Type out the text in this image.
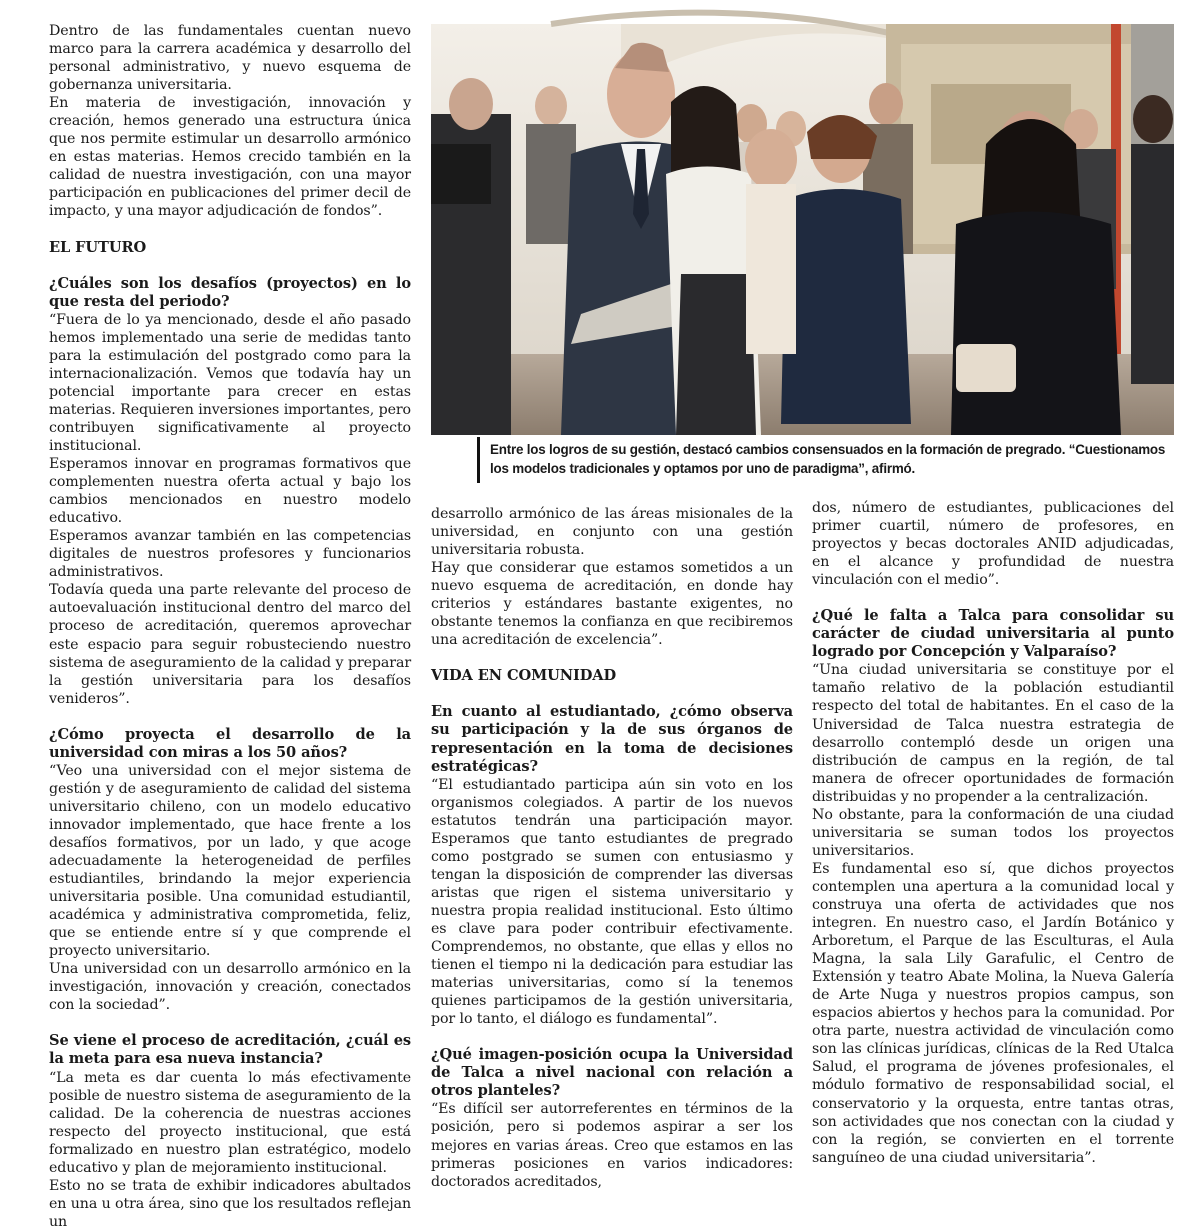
Dentro de las fundamentales cuentan nuevo marco para la carrera académica y desarrollo del personal administrativo, y nuevo esquema de gobernanza universitaria.

En materia de investigación, innovación y creación, hemos generado una estructura única que nos permite estimular un desarrollo armónico en estas materias. Hemos crecido también en la calidad de nuestra investigación, con una mayor participación en publicaciones del primer decil de impacto, y una mayor adjudicación de fondos”.

EL FUTURO

¿Cuáles son los desafíos (proyectos) en lo que resta del periodo?

“Fuera de lo ya mencionado, desde el año pasado hemos implementado una serie de medidas tanto para la estimulación del postgrado como para la internacionalización. Vemos que todavía hay un potencial importante para crecer en estas materias. Requieren inversiones importantes, pero contribuyen significativamente al proyecto institucional.

Esperamos innovar en programas formativos que complementen nuestra oferta actual y bajo los cambios mencionados en nuestro modelo educativo.

Esperamos avanzar también en las competencias digitales de nuestros profesores y funcionarios administrativos.

Todavía queda una parte relevante del proceso de autoevaluación institucional dentro del marco del proceso de acreditación, queremos aprovechar este espacio para seguir robusteciendo nuestro sistema de aseguramiento de la calidad y preparar la gestión universitaria para los desafíos venideros”.

¿Cómo proyecta el desarrollo de la universidad con miras a los 50 años?

“Veo una universidad con el mejor sistema de gestión y de aseguramiento de calidad del sistema universitario chileno, con un modelo educativo innovador implementado, que hace frente a los desafíos formativos, por un lado, y que acoge adecuadamente la heterogeneidad de perfiles estudiantiles, brindando la mejor experiencia universitaria posible. Una comunidad estudiantil, académica y administrativa comprometida, feliz, que se entiende entre sí y que comprende el proyecto universitario.

Una universidad con un desarrollo armónico en la investigación, innovación y creación, conectados con la sociedad”.

Se viene el proceso de acreditación, ¿cuál es la meta para esa nueva instancia?

“La meta es dar cuenta lo más efectivamente posible de nuestro sistema de aseguramiento de la calidad. De la coherencia de nuestras acciones respecto del proyecto institucional, que está formalizado en nuestro plan estratégico, modelo educativo y plan de mejoramiento institucional.

Esto no se trata de exhibir indicadores abultados en una u otra área, sino que los resultados reflejan un

Entre los logros de su gestión, destacó cambios consensuados en la formación de pregrado. “Cuestionamos los modelos tradicionales y optamos por uno de paradigma”, afirmó.

desarrollo armónico de las áreas misionales de la universidad, en conjunto con una gestión universitaria robusta.

Hay que considerar que estamos sometidos a un nuevo esquema de acreditación, en donde hay criterios y estándares bastante exigentes, no obstante tenemos la confianza en que recibiremos una acreditación de excelencia”.

VIDA EN COMUNIDAD

En cuanto al estudiantado, ¿cómo observa su participación y la de sus órganos de representación en la toma de decisiones estratégicas?

“El estudiantado participa aún sin voto en los organismos colegiados. A partir de los nuevos estatutos tendrán una participación mayor. Esperamos que tanto estudiantes de pregrado como postgrado se sumen con entusiasmo y tengan la disposición de comprender las diversas aristas que rigen el sistema universitario y nuestra propia realidad institucional. Esto último es clave para poder contribuir efectivamente. Comprendemos, no obstante, que ellas y ellos no tienen el tiempo ni la dedicación para estudiar las materias universitarias, como sí la tenemos quienes participamos de la gestión universitaria, por lo tanto, el diálogo es fundamental”.

¿Qué imagen-posición ocupa la Universidad de Talca a nivel nacional con relación a otros planteles?

“Es difícil ser autorreferentes en términos de la posición, pero si podemos aspirar a ser los mejores en varias áreas. Creo que estamos en las primeras posiciones en varios indicadores: doctorados acreditados,

dos, número de estudiantes, publicaciones del primer cuartil, número de profesores, en proyectos y becas doctorales ANID adjudicadas, en el alcance y profundidad de nuestra vinculación con el medio”.

¿Qué le falta a Talca para consolidar su carácter de ciudad universitaria al punto logrado por Concepción y Valparaíso?

“Una ciudad universitaria se constituye por el tamaño relativo de la población estudiantil respecto del total de habitantes. En el caso de la Universidad de Talca nuestra estrategia de desarrollo contempló desde un origen una distribución de campus en la región, de tal manera de ofrecer oportunidades de formación distribuidas y no propender a la centralización.

No obstante, para la conformación de una ciudad universitaria se suman todos los proyectos universitarios.

Es fundamental eso sí, que dichos proyectos contemplen una apertura a la comunidad local y construya una oferta de actividades que nos integren. En nuestro caso, el Jardín Botánico y Arboretum, el Parque de las Esculturas, el Aula Magna, la sala Lily Garafulic, el Centro de Extensión y teatro Abate Molina, la Nueva Galería de Arte Nuga y nuestros propios campus, son espacios abiertos y hechos para la comunidad. Por otra parte, nuestra actividad de vinculación como son las clínicas jurídicas, clínicas de la Red Utalca Salud, el programa de jóvenes profesionales, el módulo formativo de responsabilidad social, el conservatorio y la orquesta, entre tantas otras, son actividades que nos conectan con la ciudad y con la región, se convierten en el torrente sanguíneo de una ciudad universitaria”.
